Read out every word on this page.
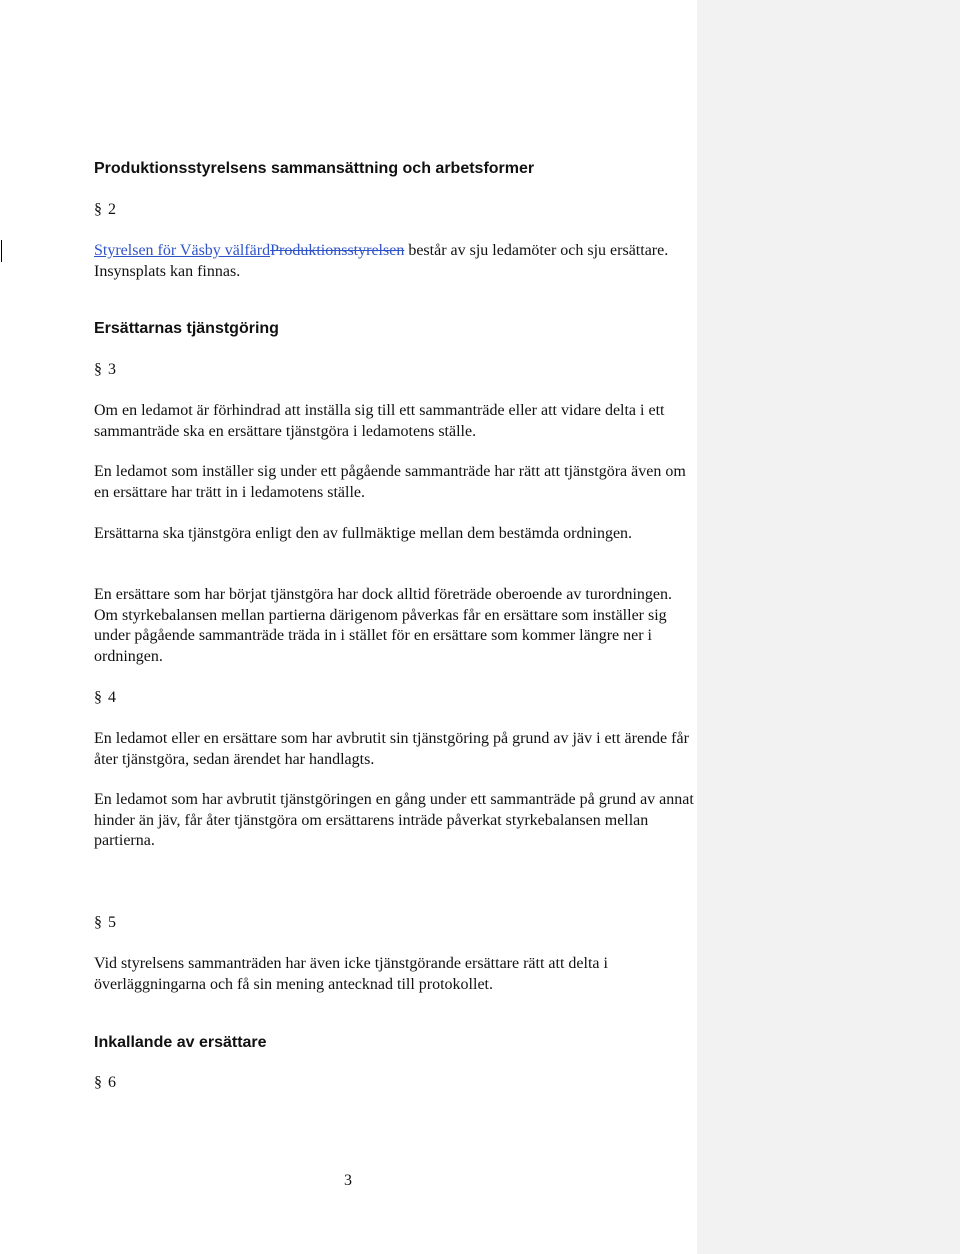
Produktionsstyrelsens sammansättning och arbetsformer

§ 2

Styrelsen för Väsby välfärdProduktionsstyrelsen består av sju ledamöter och sju ersättare. Insynsplats kan finnas.

Ersättarnas tjänstgöring

§ 3

Om en ledamot är förhindrad att inställa sig till ett sammanträde eller att vidare delta i ett sammanträde ska en ersättare tjänstgöra i ledamotens ställe.

En ledamot som inställer sig under ett pågående sammanträde har rätt att tjänstgöra även om en ersättare har trätt in i ledamotens ställe.

Ersättarna ska tjänstgöra enligt den av fullmäktige mellan dem bestämda ordningen.

En ersättare som har börjat tjänstgöra har dock alltid företräde oberoende av turordningen. Om styrkebalansen mellan partierna därigenom påverkas får en ersättare som inställer sig under pågående sammanträde träda in i stället för en ersättare som kommer längre ner i ordningen.

§ 4

En ledamot eller en ersättare som har avbrutit sin tjänstgöring på grund av jäv i ett ärende får åter tjänstgöra, sedan ärendet har handlagts.

En ledamot som har avbrutit tjänstgöringen en gång under ett sammanträde på grund av annat hinder än jäv, får åter tjänstgöra om ersättarens inträde påverkat styrkebalansen mellan partierna.

§ 5

Vid styrelsens sammanträden har även icke tjänstgörande ersättare rätt att delta i överläggningarna och få sin mening antecknad till protokollet.

Inkallande av ersättare

§ 6

3
